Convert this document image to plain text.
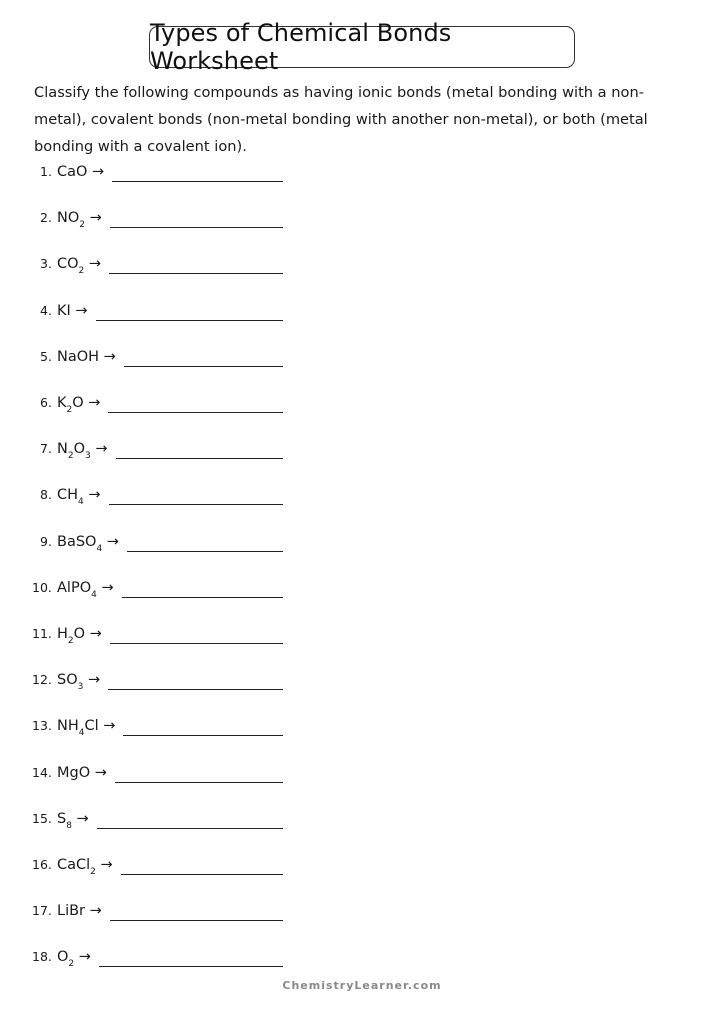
Types of Chemical Bonds Worksheet
Classify the following compounds as having ionic bonds (metal bonding with a non-metal), covalent bonds (non-metal bonding with another non-metal), or both (metal bonding with a covalent ion).
1. CaO →
2. $NO_2$ →
3. $CO_2$ →
4. KI →
5. NaOH →
6. $K_2O$ →
7. $N_2O_3$ →
8. $CH_4$ →
9. BaSO$_4$ →
10. AlPO$_4$ →
11. $H_2O$ →
12. $SO_3$ →
13. $NH_4Cl$ →
14. MgO →
15. $S_8$ →
16. CaCl$_2$ →
17. LiBr →
18. $O_2$ →
ChemistryLearner.com
